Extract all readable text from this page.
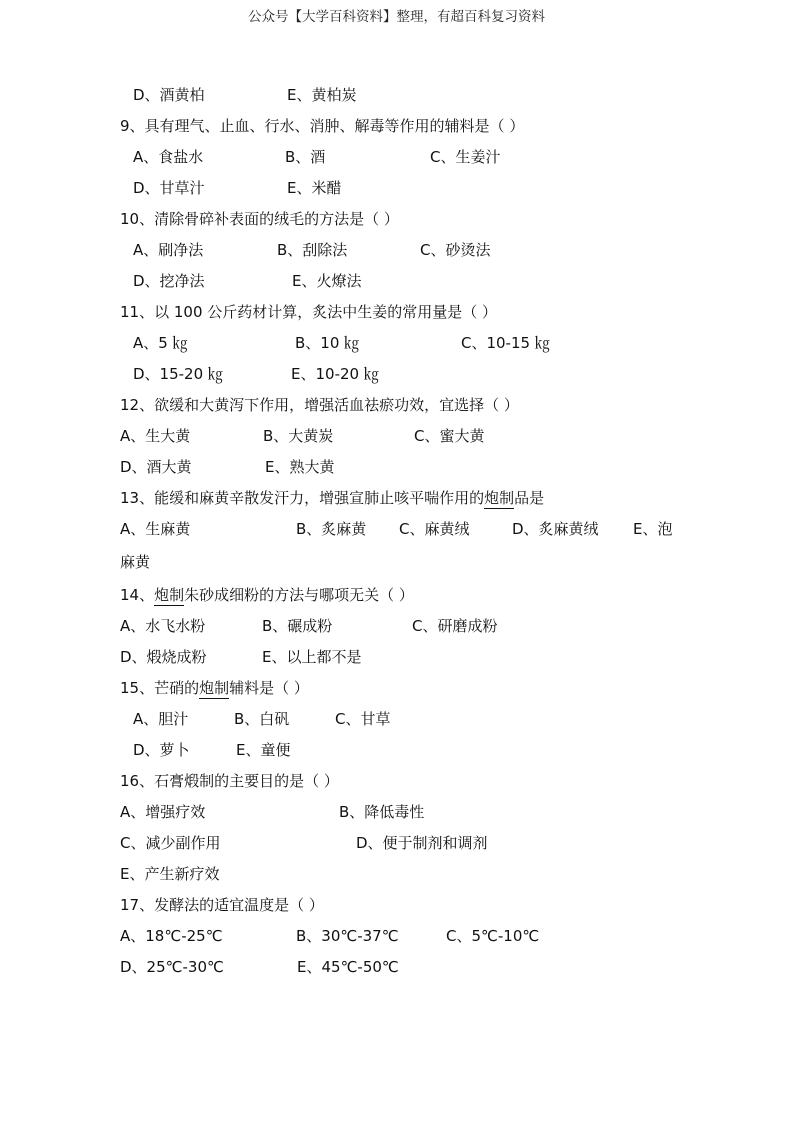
公众号【大学百科资料】整理，有超百科复习资料
D、酒黄柏	E、黄柏炭
9、具有理气、止血、行水、消肿、解毒等作用的辅料是（ ）
A、食盐水	B、酒	C、生姜汁
D、甘草汁	E、米醋
10、清除骨碎补表面的绒毛的方法是（ ）
A、刷净法	B、刮除法	C、砂烫法
D、挖净法	E、火燎法
11、以 100 公斤药材计算，炙法中生姜的常用量是（ ）
A、5 ㎏	B、10 ㎏	C、10-15 ㎏
D、15-20 ㎏	E、10-20 ㎏
12、欲缓和大黄泻下作用，增强活血祛瘀功效，宜选择（ ）
A、生大黄	B、大黄炭	C、蜜大黄
D、酒大黄	E、熟大黄
13、能缓和麻黄辛散发汗力，增强宣肺止咳平喘作用的炮制品是
A、生麻黄	B、炙麻黄 C、麻黄绒	D、炙麻黄绒 E、泡
麻黄
14、炮制朱砂成细粉的方法与哪项无关（ ）
A、水飞水粉	B、碾成粉	C、研磨成粉
D、煅烧成粉	E、以上都不是
15、芒硝的炮制辅料是（ ）
A、胆汁	B、白矾	C、甘草
D、萝卜	E、童便
16、石膏煅制的主要目的是（ ）
A、增强疗效	B、降低毒性
C、减少副作用	D、便于制剂和调剂
E、产生新疗效
17、发酵法的适宜温度是（ ）
A、18℃-25℃	B、30℃-37℃	C、5℃-10℃
D、25℃-30℃	E、45℃-50℃
